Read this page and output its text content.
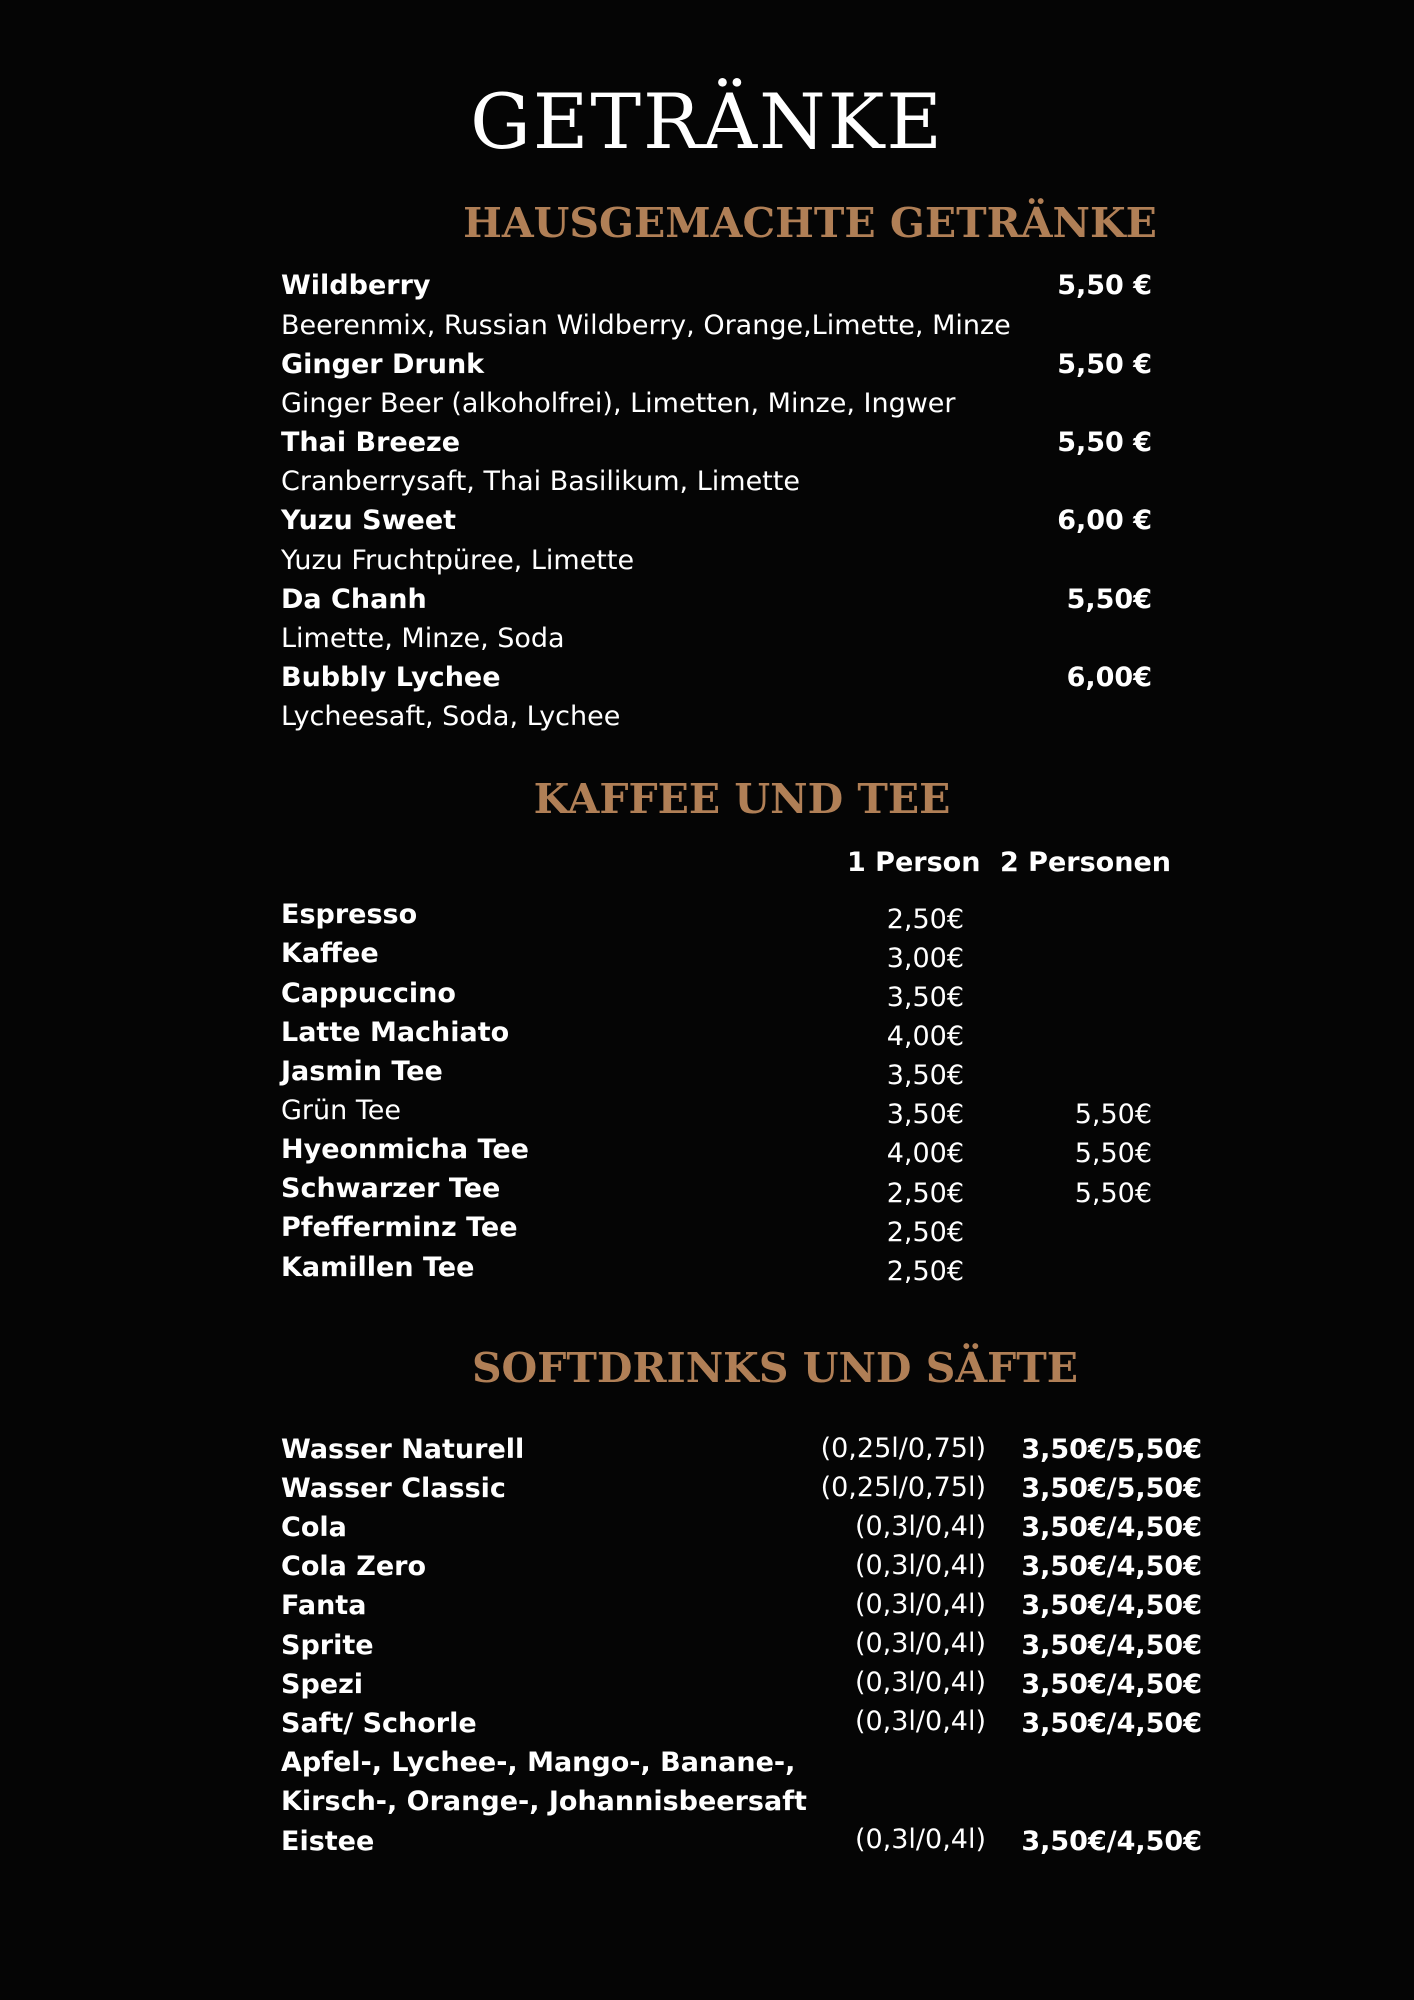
GETRÄNKE
HAUSGEMACHTE GETRÄNKE
Wildberry	5,50 €
Beerenmix, Russian Wildberry, Orange,Limette, Minze
Ginger Drunk	5,50 €
Ginger Beer (alkoholfrei), Limetten, Minze, Ingwer
Thai Breeze	5,50 €
Cranberrysaft, Thai Basilikum, Limette
Yuzu Sweet	6,00 €
Yuzu Fruchtpüree, Limette
Da Chanh	5,50€
Limette, Minze, Soda
Bubbly Lychee	6,00€
Lycheesaft, Soda, Lychee
KAFFEE UND TEE
1 Person 2 Personen
Espresso	2,50€
Kaffee	3,00€
Cappuccino	3,50€
Latte Machiato	4,00€
Jasmin Tee	3,50€
Grün Tee	3,50€	5,50€
Hyeonmicha Tee	4,00€	5,50€
Schwarzer Tee	2,50€	5,50€
Pfefferminz Tee	2,50€
Kamillen Tee	2,50€
SOFTDRINKS UND SÄFTE
Wasser Naturell	(0,25l/0,75l) 3,50€/5,50€
Wasser Classic	(0,25l/0,75l) 3,50€/5,50€
Cola	(0,3l/0,4l) 3,50€/4,50€
Cola Zero	(0,3l/0,4l) 3,50€/4,50€
Fanta	(0,3l/0,4l) 3,50€/4,50€
Sprite	(0,3l/0,4l) 3,50€/4,50€
Spezi	(0,3l/0,4l) 3,50€/4,50€
Saft/ Schorle	(0,3l/0,4l) 3,50€/4,50€
Apfel-, Lychee-, Mango-, Banane-,
Kirsch-, Orange-, Johannisbeersaft
Eistee	(0,3l/0,4l) 3,50€/4,50€
